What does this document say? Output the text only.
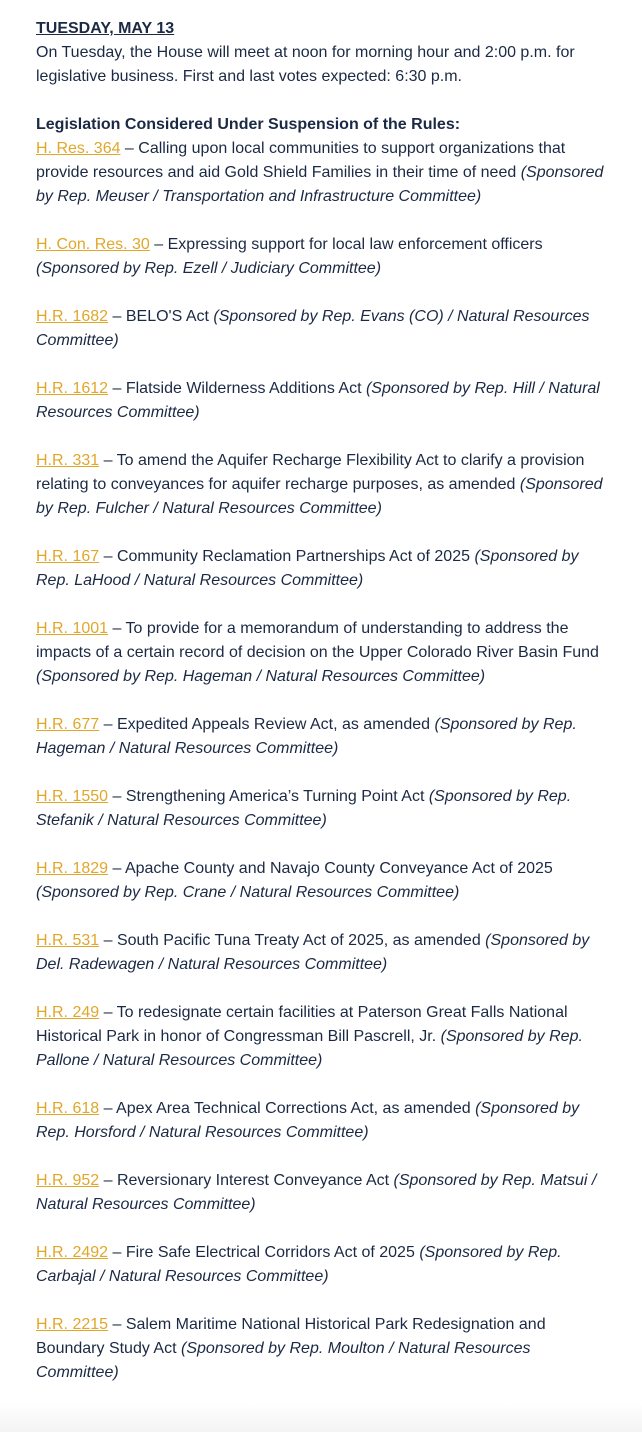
TUESDAY, MAY 13

On Tuesday, the House will meet at noon for morning hour and 2:00 p.m. for legislative business. First and last votes expected: 6:30 p.m.

Legislation Considered Under Suspension of the Rules:

H. Res. 364 – Calling upon local communities to support organizations that provide resources and aid Gold Shield Families in their time of need (Sponsored by Rep. Meuser / Transportation and Infrastructure Committee)

H. Con. Res. 30 – Expressing support for local law enforcement officers (Sponsored by Rep. Ezell / Judiciary Committee)

H.R. 1682 – BELO'S Act (Sponsored by Rep. Evans (CO) / Natural Resources Committee)

H.R. 1612 – Flatside Wilderness Additions Act (Sponsored by Rep. Hill / Natural Resources Committee)

H.R. 331 – To amend the Aquifer Recharge Flexibility Act to clarify a provision relating to conveyances for aquifer recharge purposes, as amended (Sponsored by Rep. Fulcher / Natural Resources Committee)

H.R. 167 – Community Reclamation Partnerships Act of 2025 (Sponsored by Rep. LaHood / Natural Resources Committee)

H.R. 1001 – To provide for a memorandum of understanding to address the impacts of a certain record of decision on the Upper Colorado River Basin Fund (Sponsored by Rep. Hageman / Natural Resources Committee)

H.R. 677 – Expedited Appeals Review Act, as amended (Sponsored by Rep. Hageman / Natural Resources Committee)

H.R. 1550 – Strengthening America’s Turning Point Act (Sponsored by Rep. Stefanik / Natural Resources Committee)

H.R. 1829 – Apache County and Navajo County Conveyance Act of 2025 (Sponsored by Rep. Crane / Natural Resources Committee)

H.R. 531 – South Pacific Tuna Treaty Act of 2025, as amended (Sponsored by Del. Radewagen / Natural Resources Committee)

H.R. 249 – To redesignate certain facilities at Paterson Great Falls National Historical Park in honor of Congressman Bill Pascrell, Jr. (Sponsored by Rep. Pallone / Natural Resources Committee)

H.R. 618 – Apex Area Technical Corrections Act, as amended (Sponsored by Rep. Horsford / Natural Resources Committee)

H.R. 952 – Reversionary Interest Conveyance Act (Sponsored by Rep. Matsui / Natural Resources Committee)

H.R. 2492 – Fire Safe Electrical Corridors Act of 2025 (Sponsored by Rep. Carbajal / Natural Resources Committee)

H.R. 2215 – Salem Maritime National Historical Park Redesignation and Boundary Study Act (Sponsored by Rep. Moulton / Natural Resources Committee)
